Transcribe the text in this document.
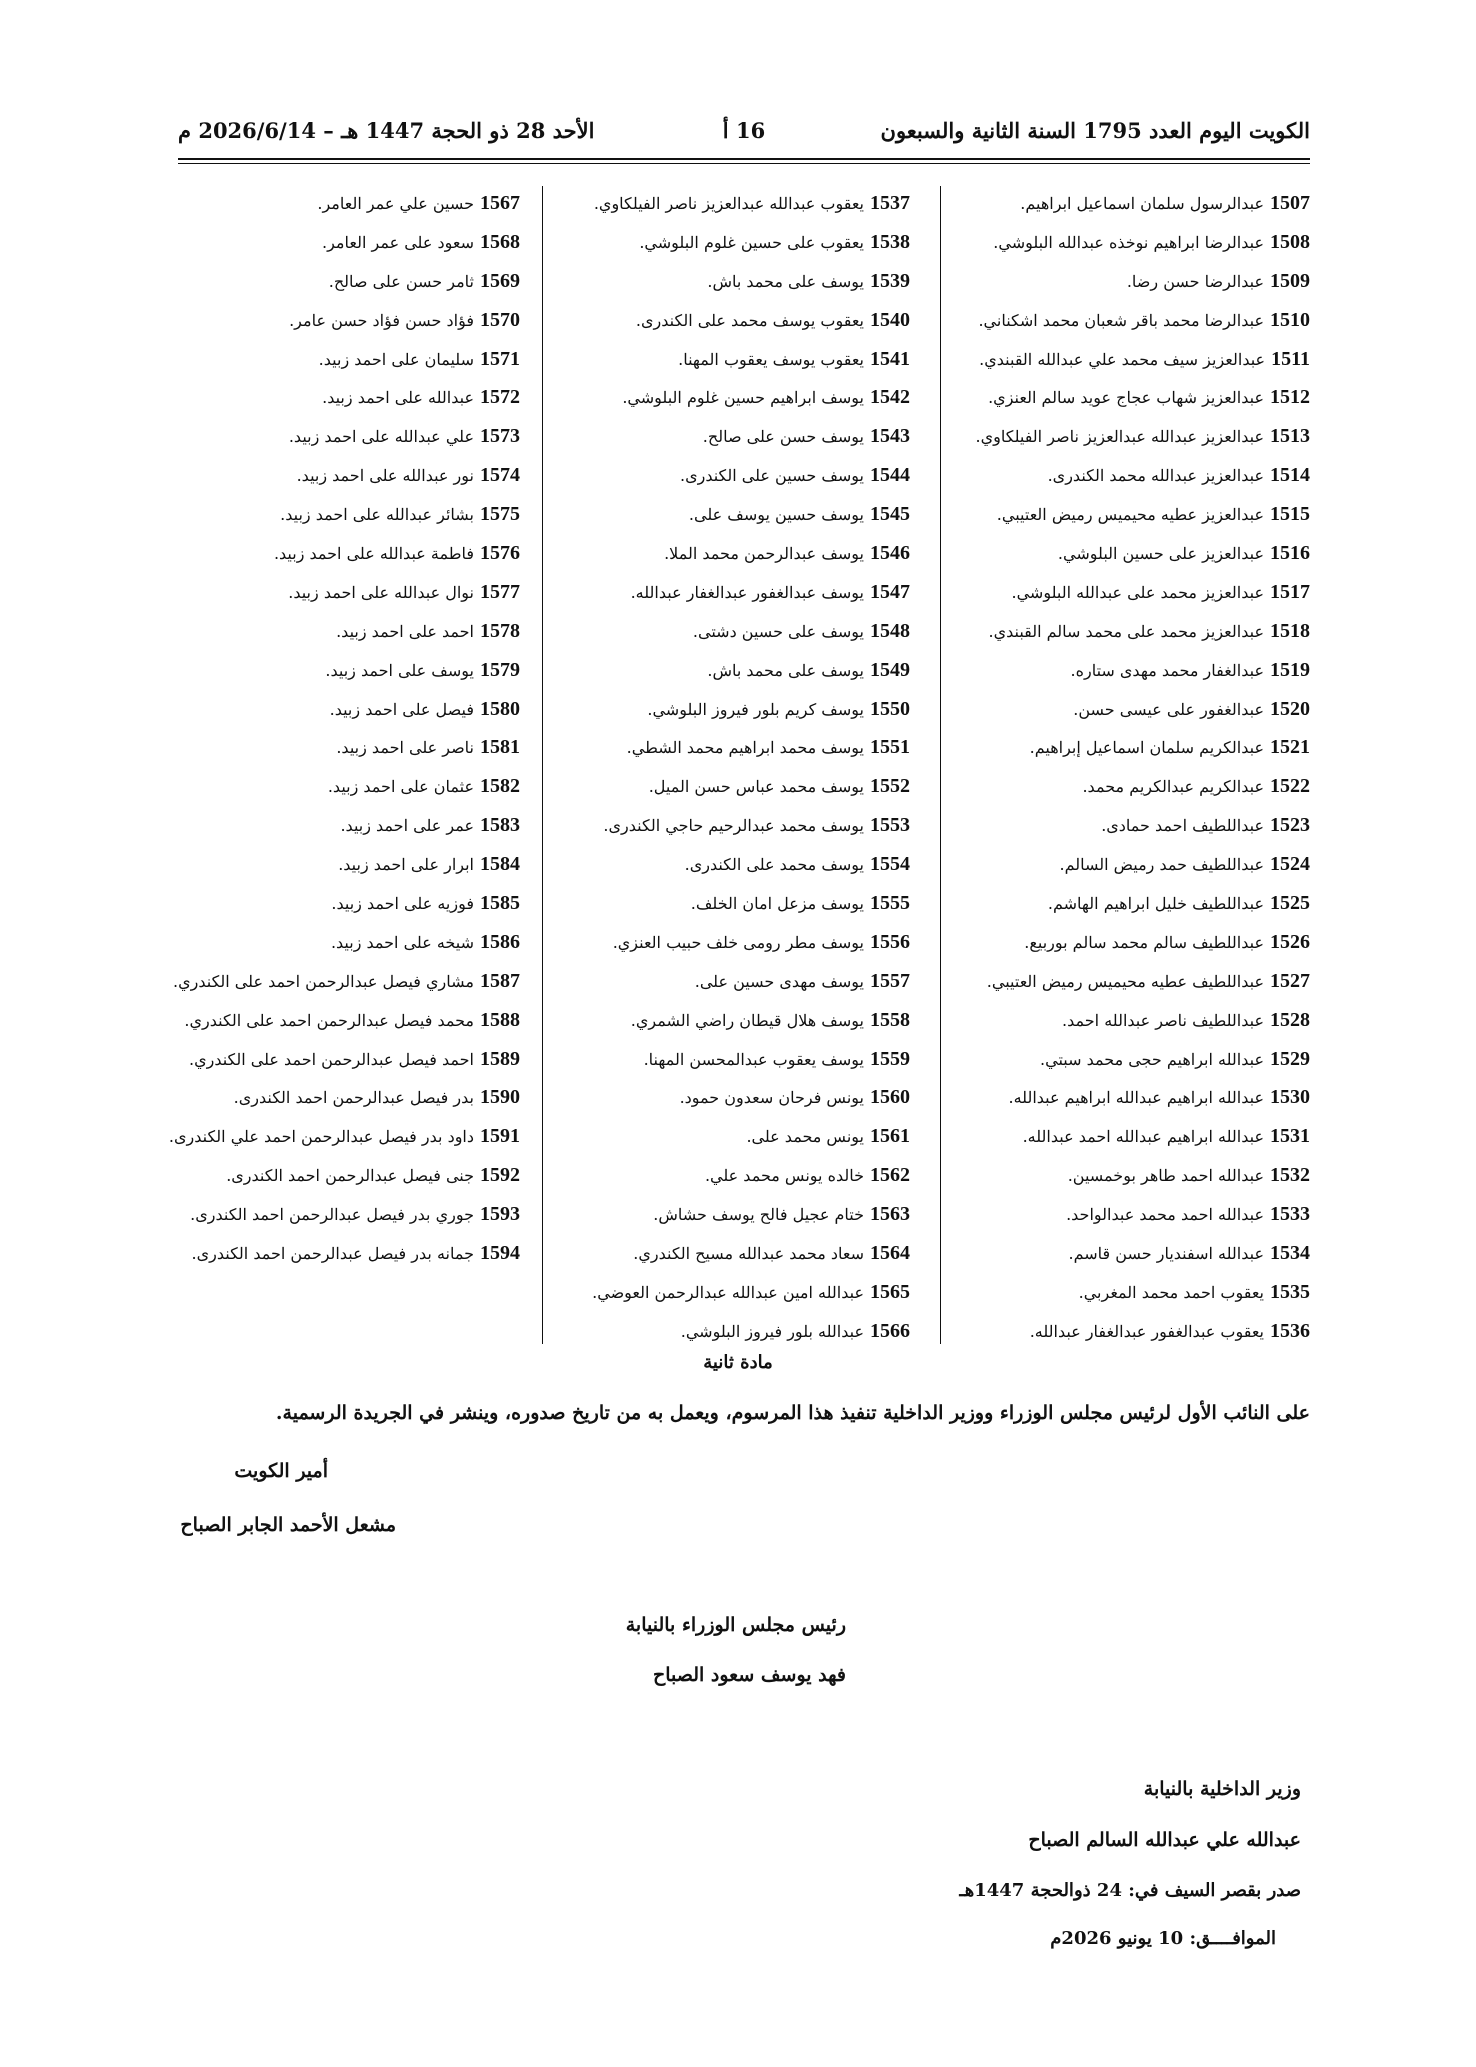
الكويت اليوم العدد 1795 السنة الثانية والسبعون
16 أ
الأحد 28 ذو الحجة 1447 هـ – 2026/6/14 م
1507عبدالرسول سلمان اسماعيل ابراهيم.
1508عبدالرضا ابراهيم نوخذه عبدالله البلوشي.
1509عبدالرضا حسن رضا.
1510عبدالرضا محمد باقر شعبان محمد اشكناني.
1511عبدالعزيز سيف محمد علي عبدالله القبندي.
1512عبدالعزيز شهاب عجاج عويد سالم العنزي.
1513عبدالعزيز عبدالله عبدالعزيز ناصر الفيلكاوي.
1514عبدالعزيز عبدالله محمد الكندرى.
1515عبدالعزيز عطيه محيميس رميض العتيبي.
1516عبدالعزيز على حسين البلوشي.
1517عبدالعزيز محمد على عبدالله البلوشي.
1518عبدالعزيز محمد على محمد سالم القبندي.
1519عبدالغفار محمد مهدى ستاره.
1520عبدالغفور على عيسى حسن.
1521عبدالكريم سلمان اسماعيل إبراهيم.
1522عبدالكريم عبدالكريم محمد.
1523عبداللطيف احمد حمادى.
1524عبداللطيف حمد رميض السالم.
1525عبداللطيف خليل ابراهيم الهاشم.
1526عبداللطيف سالم محمد سالم بوربيع.
1527عبداللطيف عطيه محيميس رميض العتيبي.
1528عبداللطيف ناصر عبدالله احمد.
1529عبدالله ابراهيم حجى محمد سبتي.
1530عبدالله ابراهيم عبدالله ابراهيم عبدالله.
1531عبدالله ابراهيم عبدالله احمد عبدالله.
1532عبدالله احمد طاهر بوخمسين.
1533عبدالله احمد محمد عبدالواحد.
1534عبدالله اسفنديار حسن قاسم.
1535يعقوب احمد محمد المغربي.
1536يعقوب عبدالغفور عبدالغفار عبدالله.
1537يعقوب عبدالله عبدالعزيز ناصر الفيلكاوي.
1538يعقوب على حسين غلوم البلوشي.
1539يوسف على محمد باش.
1540يعقوب يوسف محمد على الكندرى.
1541يعقوب يوسف يعقوب المهنا.
1542يوسف ابراهيم حسين غلوم البلوشي.
1543يوسف حسن على صالح.
1544يوسف حسين على الكندرى.
1545يوسف حسين يوسف على.
1546يوسف عبدالرحمن محمد الملا.
1547يوسف عبدالغفور عبدالغفار عبدالله.
1548يوسف على حسين دشتى.
1549يوسف على محمد باش.
1550يوسف كريم بلور فيروز البلوشي.
1551يوسف محمد ابراهيم محمد الشطي.
1552يوسف محمد عباس حسن الميل.
1553يوسف محمد عبدالرحيم حاجي الكندرى.
1554يوسف محمد على الكندرى.
1555يوسف مزعل امان الخلف.
1556يوسف مطر رومى خلف حبيب العنزي.
1557يوسف مهدى حسين على.
1558يوسف هلال قيطان راضي الشمري.
1559يوسف يعقوب عبدالمحسن المهنا.
1560يونس فرحان سعدون حمود.
1561يونس محمد على.
1562خالده يونس محمد علي.
1563ختام عجيل فالح يوسف حشاش.
1564سعاد محمد عبدالله مسيح الكندري.
1565عبدالله امين عبدالله عبدالرحمن العوضي.
1566عبدالله بلور فيروز البلوشي.
1567حسين علي عمر العامر.
1568سعود على عمر العامر.
1569ثامر حسن على صالح.
1570فؤاد حسن فؤاد حسن عامر.
1571سليمان على احمد زبيد.
1572عبدالله على احمد زبيد.
1573علي عبدالله على احمد زبيد.
1574نور عبدالله على احمد زبيد.
1575بشائر عبدالله على احمد زبيد.
1576فاطمة عبدالله على احمد زبيد.
1577نوال عبدالله على احمد زبيد.
1578احمد على احمد زبيد.
1579يوسف على احمد زبيد.
1580فيصل على احمد زبيد.
1581ناصر على احمد زبيد.
1582عثمان على احمد زبيد.
1583عمر على احمد زبيد.
1584ابرار على احمد زبيد.
1585فوزيه على احمد زبيد.
1586شيخه على احمد زبيد.
1587مشاري فيصل عبدالرحمن احمد على الكندري.
1588محمد فيصل عبدالرحمن احمد على الكندري.
1589احمد فيصل عبدالرحمن احمد على الكندري.
1590بدر فيصل عبدالرحمن احمد الكندرى.
1591داود بدر فيصل عبدالرحمن احمد علي الكندرى.
1592جنى فيصل عبدالرحمن احمد الكندرى.
1593جوري بدر فيصل عبدالرحمن احمد الكندرى.
1594جمانه بدر فيصل عبدالرحمن احمد الكندرى.
مادة ثانية
على النائب الأول لرئيس مجلس الوزراء ووزير الداخلية تنفيذ هذا المرسوم، ويعمل به من تاريخ صدوره، وينشر في الجريدة الرسمية.
أمير الكويت
مشعل الأحمد الجابر الصباح
رئيس مجلس الوزراء بالنيابة
فهد يوسف سعود الصباح
وزير الداخلية بالنيابة
عبدالله علي عبدالله السالم الصباح
صدر بقصر السيف في: 24 ذوالحجة 1447هـ
الموافــــق: 10 يونيو 2026م
